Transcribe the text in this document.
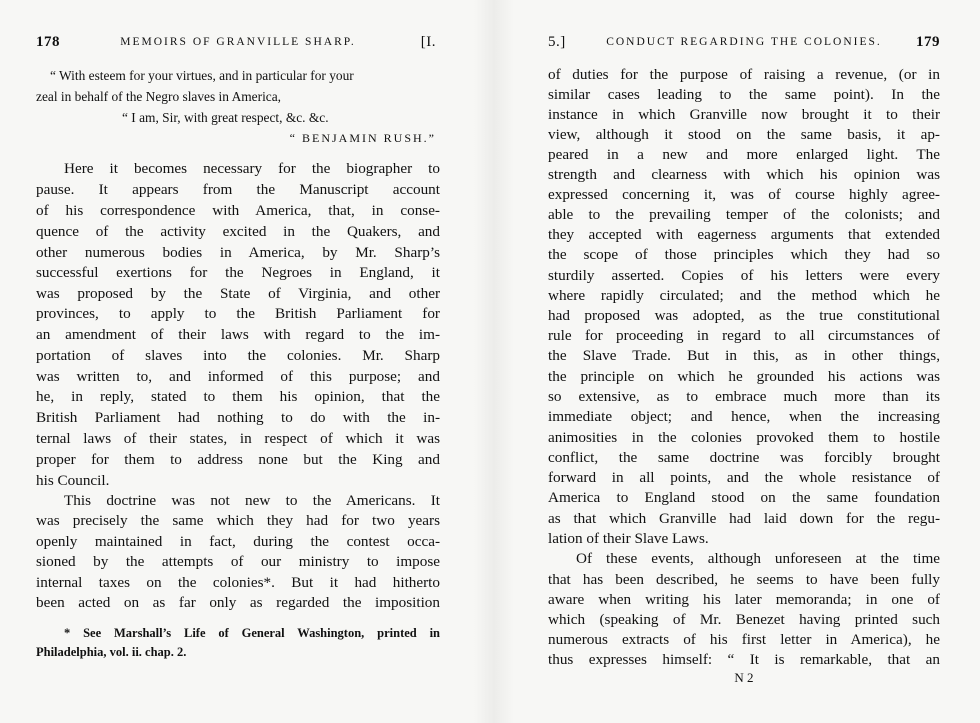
178	MEMOIRS OF GRANVILLE SHARP.	[I.
“ With esteem for your virtues, and in particular for your
zeal in behalf of the Negro slaves in America,
“ I am, Sir, with great respect, &c. &c.
“ BENJAMIN RUSH.”
Here it becomes necessary for the biographer to
pause. It appears from the Manuscript account
of his correspondence with America, that, in conse-
quence of the activity excited in the Quakers, and
other numerous bodies in America, by Mr. Sharp’s
successful exertions for the Negroes in England, it
was proposed by the State of Virginia, and other
provinces, to apply to the British Parliament for
an amendment of their laws with regard to the im-
portation of slaves into the colonies. Mr. Sharp
was written to, and informed of this purpose; and
he, in reply, stated to them his opinion, that the
British Parliament had nothing to do with the in-
ternal laws of their states, in respect of which it was
proper for them to address none but the King and
his Council.
This doctrine was not new to the Americans. It
was precisely the same which they had for two years
openly maintained in fact, during the contest occa-
sioned by the attempts of our ministry to impose
internal taxes on the colonies*. But it had hitherto
been acted on as far only as regarded the imposition
* See Marshall’s Life of General Washington, printed in
Philadelphia, vol. ii. chap. 2.
5.]	CONDUCT REGARDING THE COLONIES.	179
of duties for the purpose of raising a revenue, (or in
similar cases leading to the same point). In the
instance in which Granville now brought it to their
view, although it stood on the same basis, it ap-
peared in a new and more enlarged light. The
strength and clearness with which his opinion was
expressed concerning it, was of course highly agree-
able to the prevailing temper of the colonists; and
they accepted with eagerness arguments that extended
the scope of those principles which they had so
sturdily asserted. Copies of his letters were every
where rapidly circulated; and the method which he
had proposed was adopted, as the true constitutional
rule for proceeding in regard to all circumstances of
the Slave Trade. But in this, as in other things,
the principle on which he grounded his actions was
so extensive, as to embrace much more than its
immediate object; and hence, when the increasing
animosities in the colonies provoked them to hostile
conflict, the same doctrine was forcibly brought
forward in all points, and the whole resistance of
America to England stood on the same foundation
as that which Granville had laid down for the regu-
lation of their Slave Laws.
Of these events, although unforeseen at the time
that has been described, he seems to have been fully
aware when writing his later memoranda; in one of
which (speaking of Mr. Benezet having printed such
numerous extracts of his first letter in America), he
thus expresses himself: “ It is remarkable, that an
N 2
